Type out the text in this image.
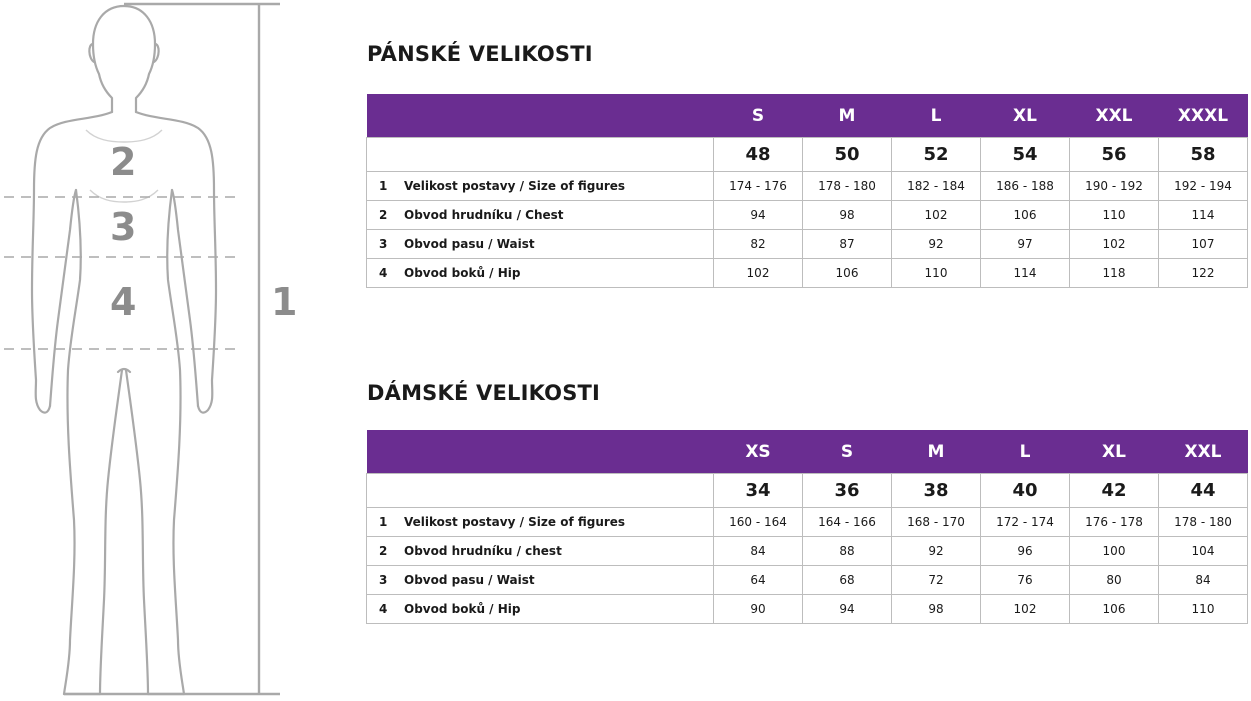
2
3
4	1
PÁNSKÉ VELIKOSTI
	S	M	L	XL	XXL	XXXL
	48	50	52	54	56	58
1 Velikost postavy / Size of figures	174 - 176	178 - 180	182 - 184	186 - 188	190 - 192	192 - 194
2 Obvod hrudníku / Chest	94	98	102	106	110	114
3 Obvod pasu / Waist	82	87	92	97	102	107
4 Obvod boků / Hip	102	106	110	114	118	122
DÁMSKÉ VELIKOSTI
	XS	S	M	L	XL	XXL
	34	36	38	40	42	44
1 Velikost postavy / Size of figures	160 - 164	164 - 166	168 - 170	172 - 174	176 - 178	178 - 180
2 Obvod hrudníku / chest	84	88	92	96	100	104
3 Obvod pasu / Waist	64	68	72	76	80	84
4 Obvod boků / Hip	90	94	98	102	106	110
